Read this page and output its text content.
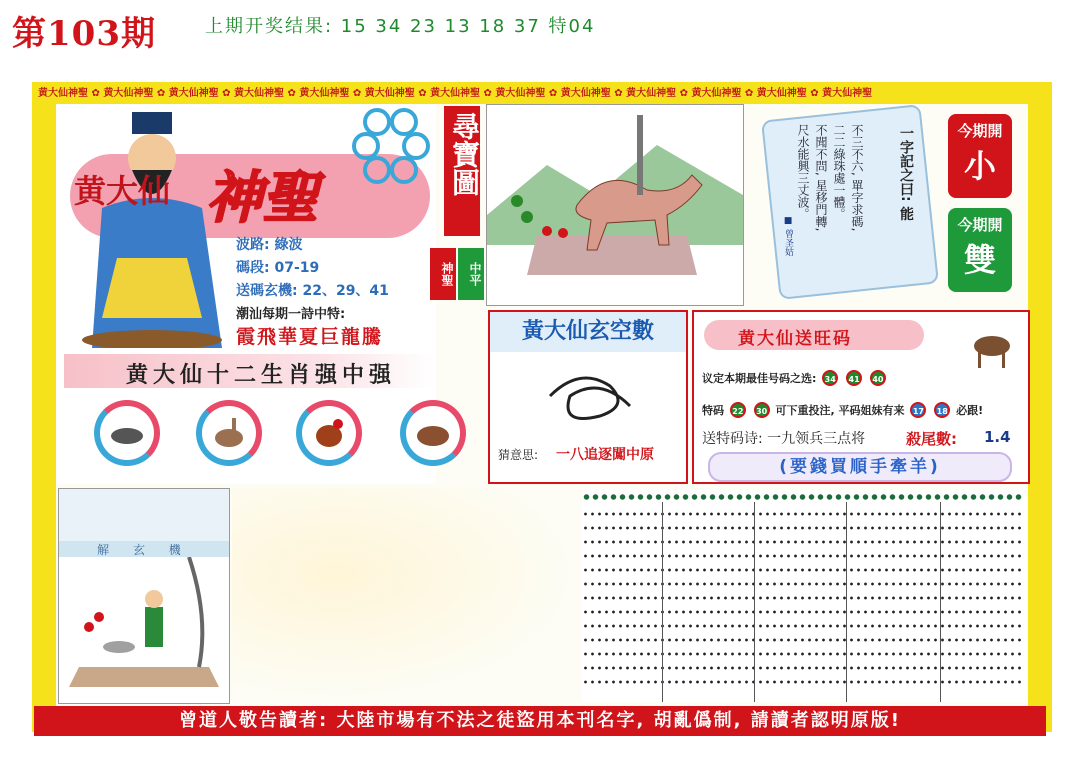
第103期	上期开奖结果: 15 34 23 13 18 37 特04
黄大仙神聖 ✿ 黄大仙神聖 ✿ 黄大仙神聖 ✿ 黄大仙神聖 ✿ 黄大仙神聖 ✿ 黄大仙神聖 ✿ 黄大仙神聖 ✿ 黄大仙神聖 ✿ 黄大仙神聖 ✿ 黄大仙神聖 ✿ 黄大仙神聖 ✿ 黄大仙神聖 ✿ 黄大仙神聖
黄大仙 神聖
波路: 綠波
碼段: 07-19
送碼玄機: 22、29、41
潮汕每期一詩中特:
霞飛華夏巨龍騰
黄大仙十二生肖强中强
尋寶圖
神聖	中平
一字記之曰: 能
不三不六, 單字求碼,
二二綠珠處一體。
不聞不問, 星移門轉,
尺水能興三丈波。
■ 曾圣姑
今期開
小
今期開
雙
黃大仙玄空數
猜意思: 一八追逐闖中原
黄大仙送旺码
议定本期最佳号码之选: 34 41 40
特码 22 30 可下重投注, 平码姐妹有来 17 18 必跟!
送特码诗: 一九领兵三点将	殺尾數: 1.4
(要錢買順手牽羊)
解 玄 機
曾道人敬告讀者: 大陸市場有不法之徒盜用本刊名字, 胡亂僞制, 請讀者認明原版!
